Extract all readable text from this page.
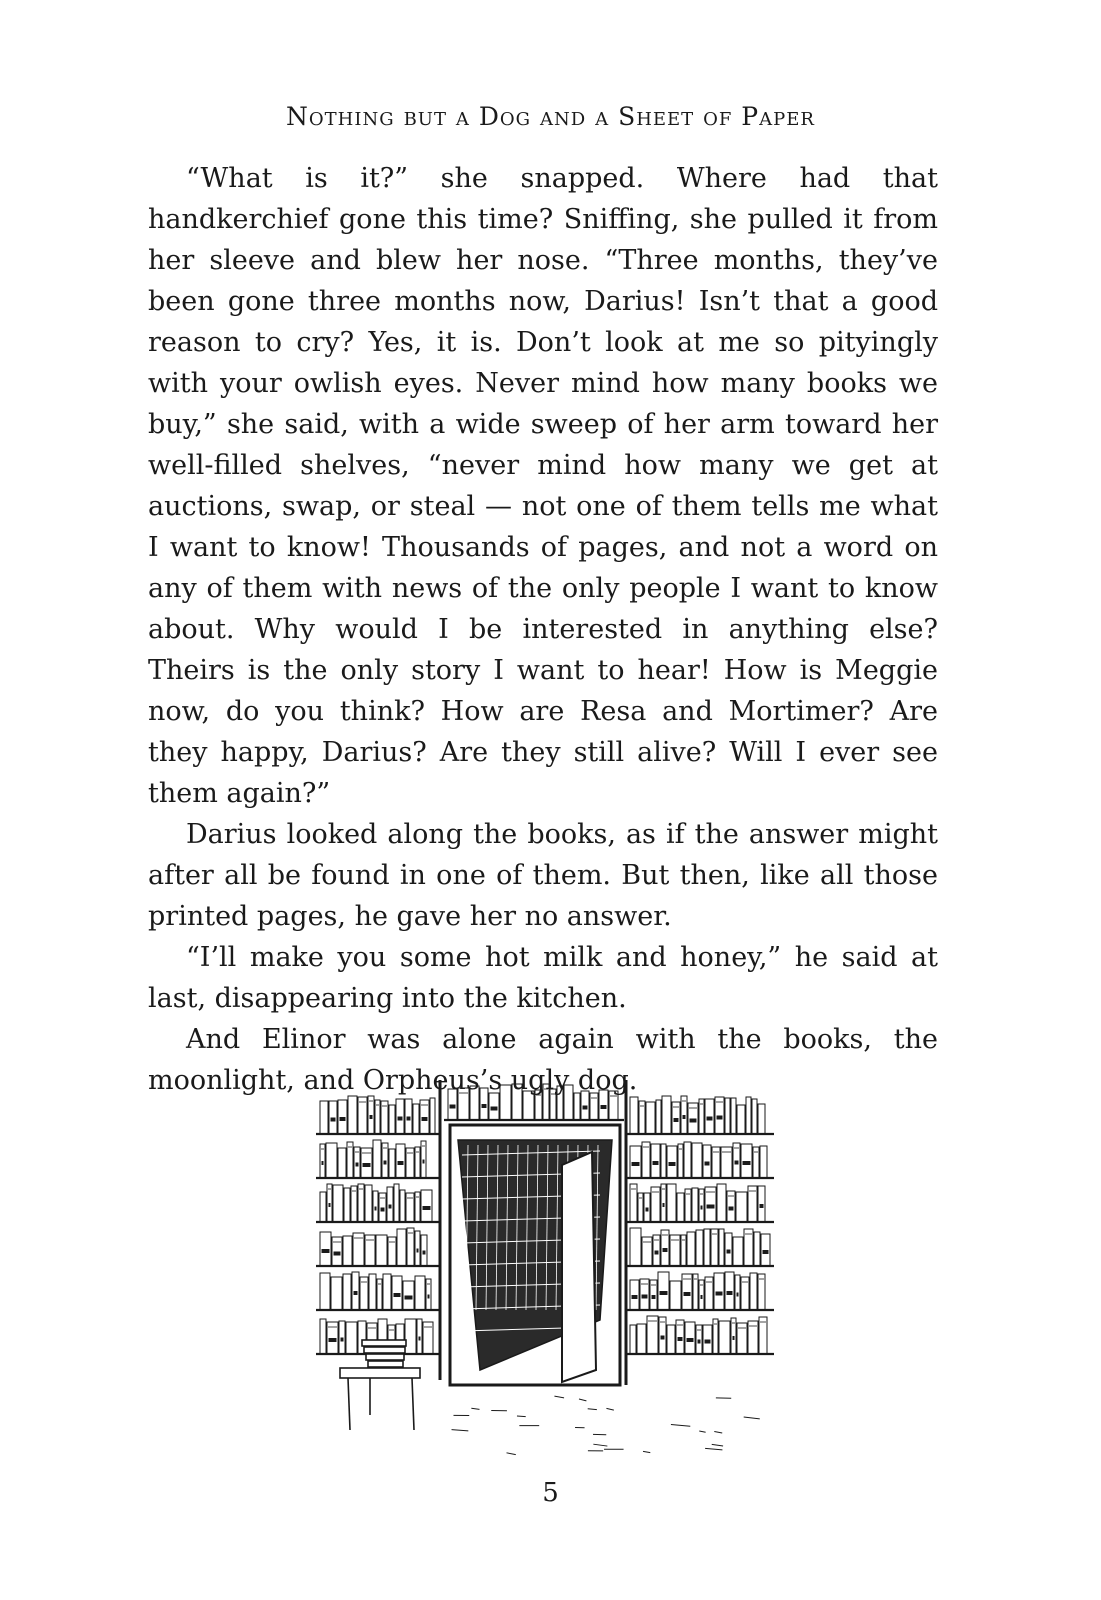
Nothing but a Dog and a Sheet of Paper

“What is it?” she snapped. Where had that handkerchief gone this time? Sniffing, she pulled it from her sleeve and blew her nose. “Three months, they’ve been gone three months now, Darius! Isn’t that a good reason to cry? Yes, it is. Don’t look at me so pityingly with your owlish eyes. Never mind how many books we buy,” she said, with a wide sweep of her arm toward her well-filled shelves, “never mind how many we get at auctions, swap, or steal — not one of them tells me what I want to know! Thousands of pages, and not a word on any of them with news of the only people I want to know about. Why would I be interested in anything else? Theirs is the only story I want to hear! How is Meggie now, do you think? How are Resa and Mortimer? Are they happy, Darius? Are they still alive? Will I ever see them again?”

Darius looked along the books, as if the answer might after all be found in one of them. But then, like all those printed pages, he gave her no answer.

“I’ll make you some hot milk and honey,” he said at last, disappearing into the kitchen.

And Elinor was alone again with the books, the moonlight, and Orpheus’s ugly dog.

5
